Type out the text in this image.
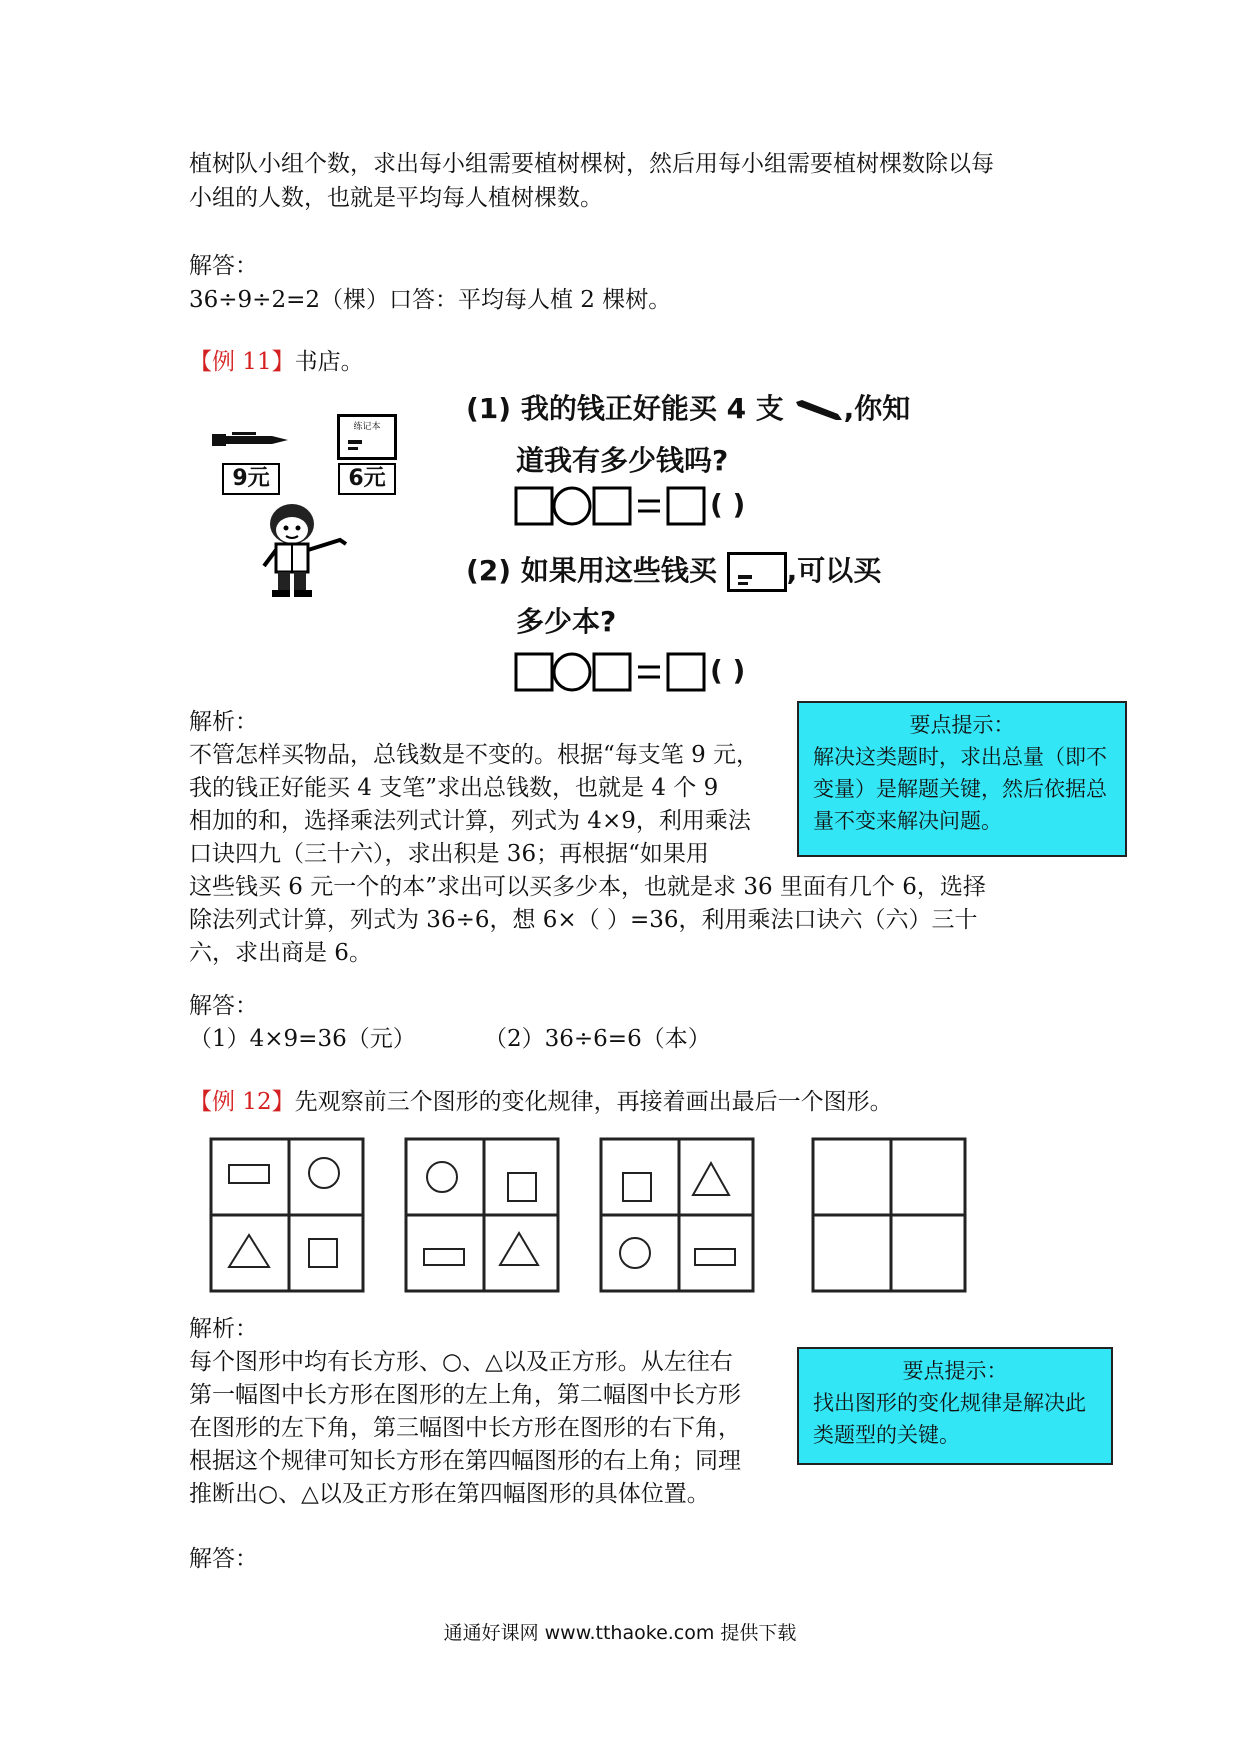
植树队小组个数，求出每小组需要植树棵树，然后用每小组需要植树棵数除以每
小组的人数，也就是平均每人植树棵数。
解答：
36÷9÷2=2（棵）口答：平均每人植 2 棵树。
【例 11】书店。
9元
练记本
6元
(1) 我的钱正好能买 4 支 ,你知
道我有多少钱吗?
( )
(2) 如果用这些钱买 ,可以买
多少本?
( )
解析：
不管怎样买物品，总钱数是不变的。根据“每支笔 9 元，
我的钱正好能买 4 支笔”求出总钱数，也就是 4 个 9
相加的和，选择乘法列式计算，列式为 4×9，利用乘法
口诀四九（三十六），求出积是 36；再根据“如果用
这些钱买 6 元一个的本”求出可以买多少本，也就是求 36 里面有几个 6，选择
除法列式计算，列式为 36÷6，想 6×（ ）=36，利用乘法口诀六（六）三十
六，求出商是 6。
要点提示：
解决这类题时，求出总量（即不
变量）是解题关键，然后依据总
量不变来解决问题。
解答：
（1）4×9=36（元）	（2）36÷6=6（本）
【例 12】先观察前三个图形的变化规律，再接着画出最后一个图形。
解析：
每个图形中均有长方形、○、△以及正方形。从左往右
第一幅图中长方形在图形的左上角，第二幅图中长方形
在图形的左下角，第三幅图中长方形在图形的右下角，
根据这个规律可知长方形在第四幅图形的右上角；同理
推断出○、△以及正方形在第四幅图形的具体位置。
要点提示：
找出图形的变化规律是解决此
类题型的关键。
解答：
通通好课网 www.tthaoke.com 提供下载
